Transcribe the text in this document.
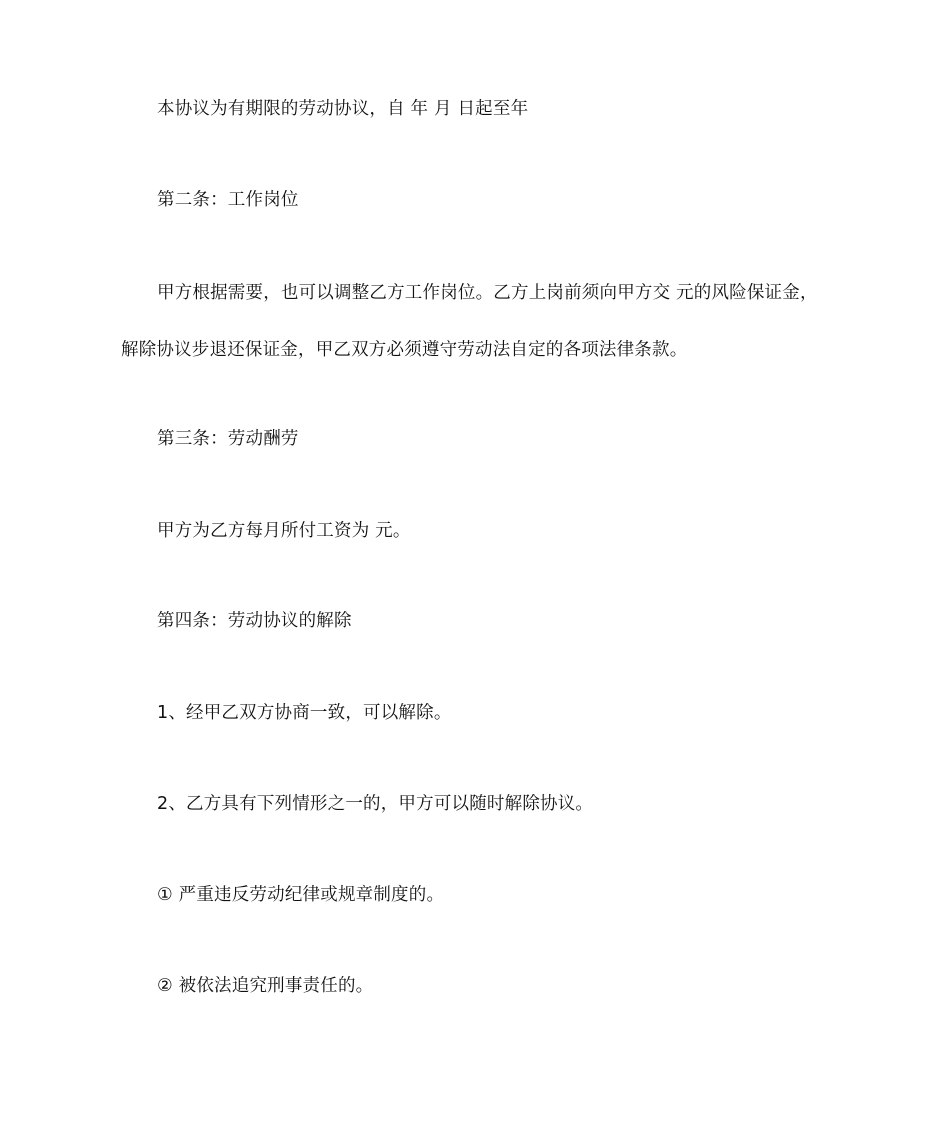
本协议为有期限的劳动协议，自 年 月 日起至年
第二条：工作岗位
甲方根据需要，也可以调整乙方工作岗位。乙方上岗前须向甲方交 元的风险保证金，
解除协议步退还保证金，甲乙双方必须遵守劳动法自定的各项法律条款。
第三条：劳动酬劳
甲方为乙方每月所付工资为 元。
第四条：劳动协议的解除
1、经甲乙双方协商一致，可以解除。
2、乙方具有下列情形之一的，甲方可以随时解除协议。
① 严重违反劳动纪律或规章制度的。
② 被依法追究刑事责任的。
